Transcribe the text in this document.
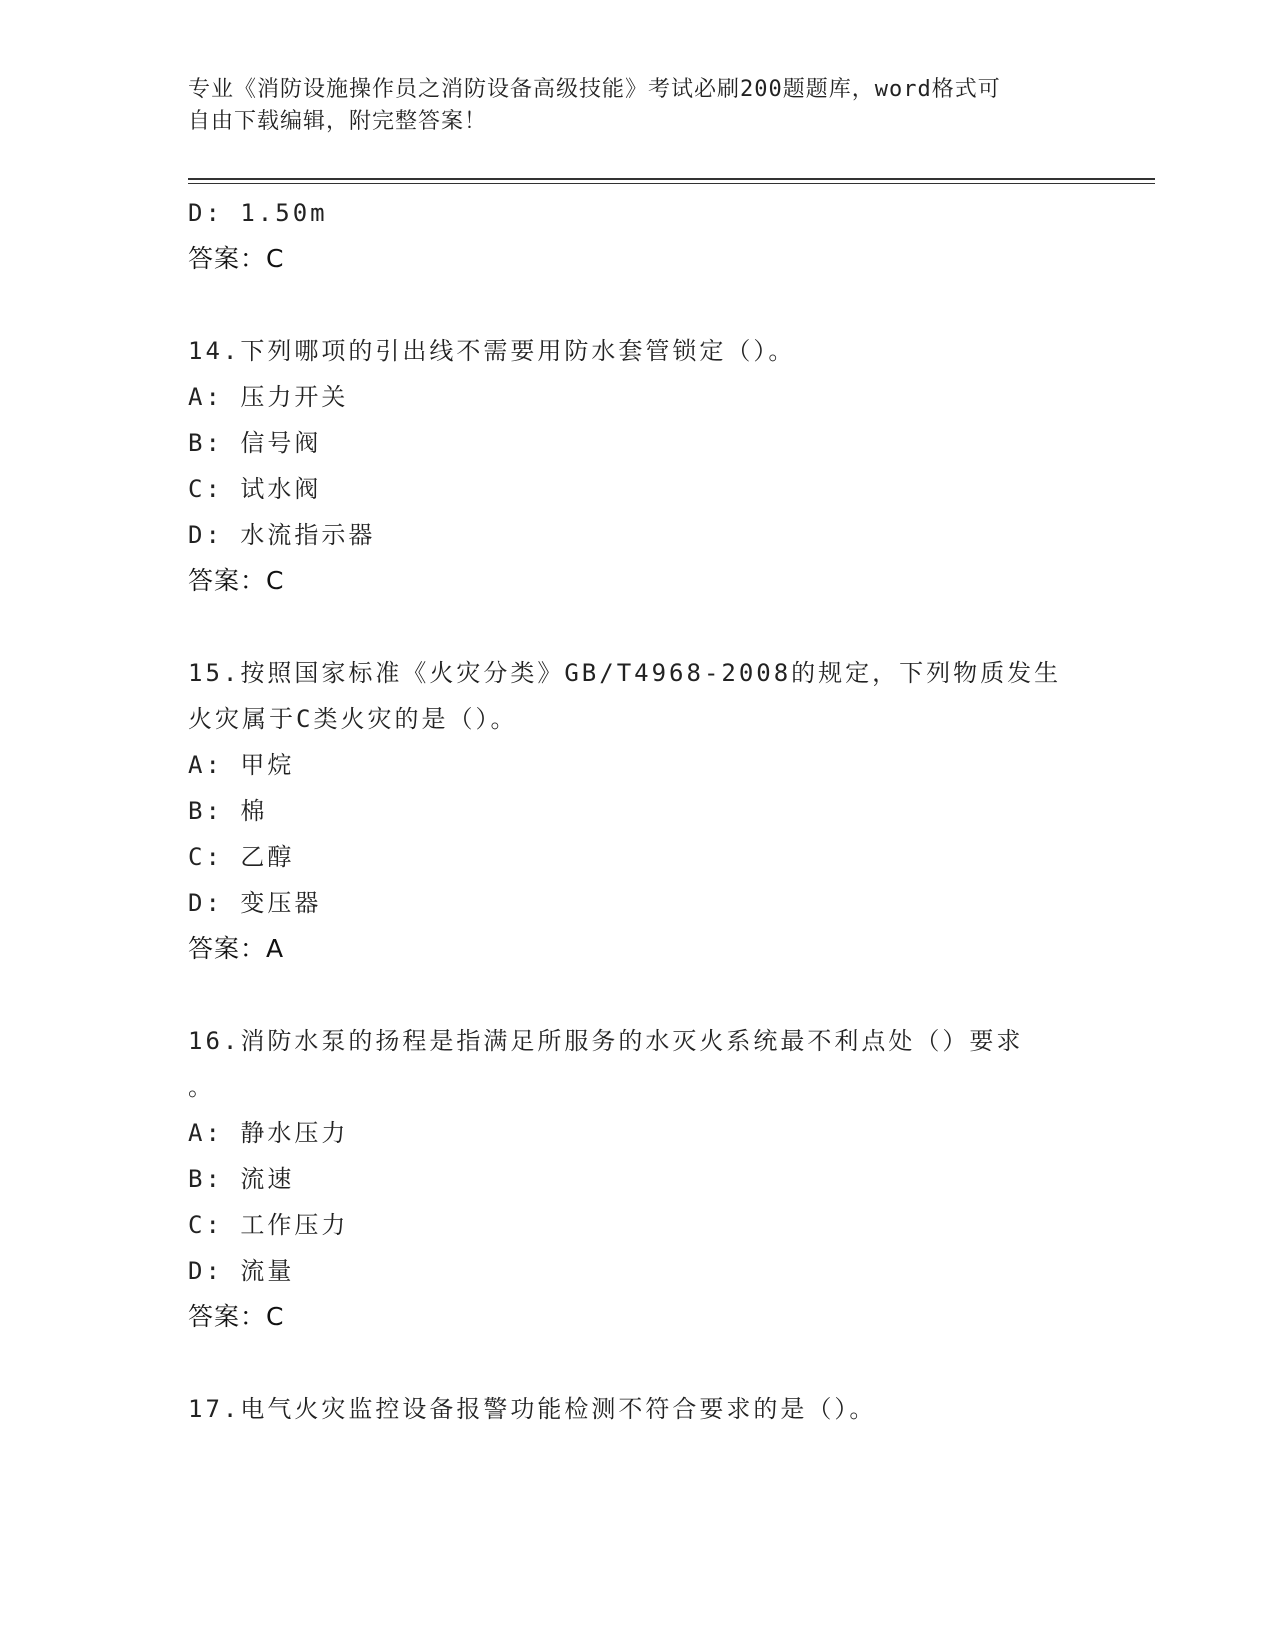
专业《消防设施操作员之消防设备高级技能》考试必刷200题题库，word格式可
自由下载编辑，附完整答案！
D: 1.50m
答案：C
14.下列哪项的引出线不需要用防水套管锁定（）。
A: 压力开关
B: 信号阀
C: 试水阀
D: 水流指示器
答案：C
15.按照国家标准《火灾分类》GB/T4968-2008的规定，下列物质发生
火灾属于C类火灾的是（）。
A: 甲烷
B: 棉
C: 乙醇
D: 变压器
答案：A
16.消防水泵的扬程是指满足所服务的水灭火系统最不利点处（）要求
。
A: 静水压力
B: 流速
C: 工作压力
D: 流量
答案：C
17.电气火灾监控设备报警功能检测不符合要求的是（）。
